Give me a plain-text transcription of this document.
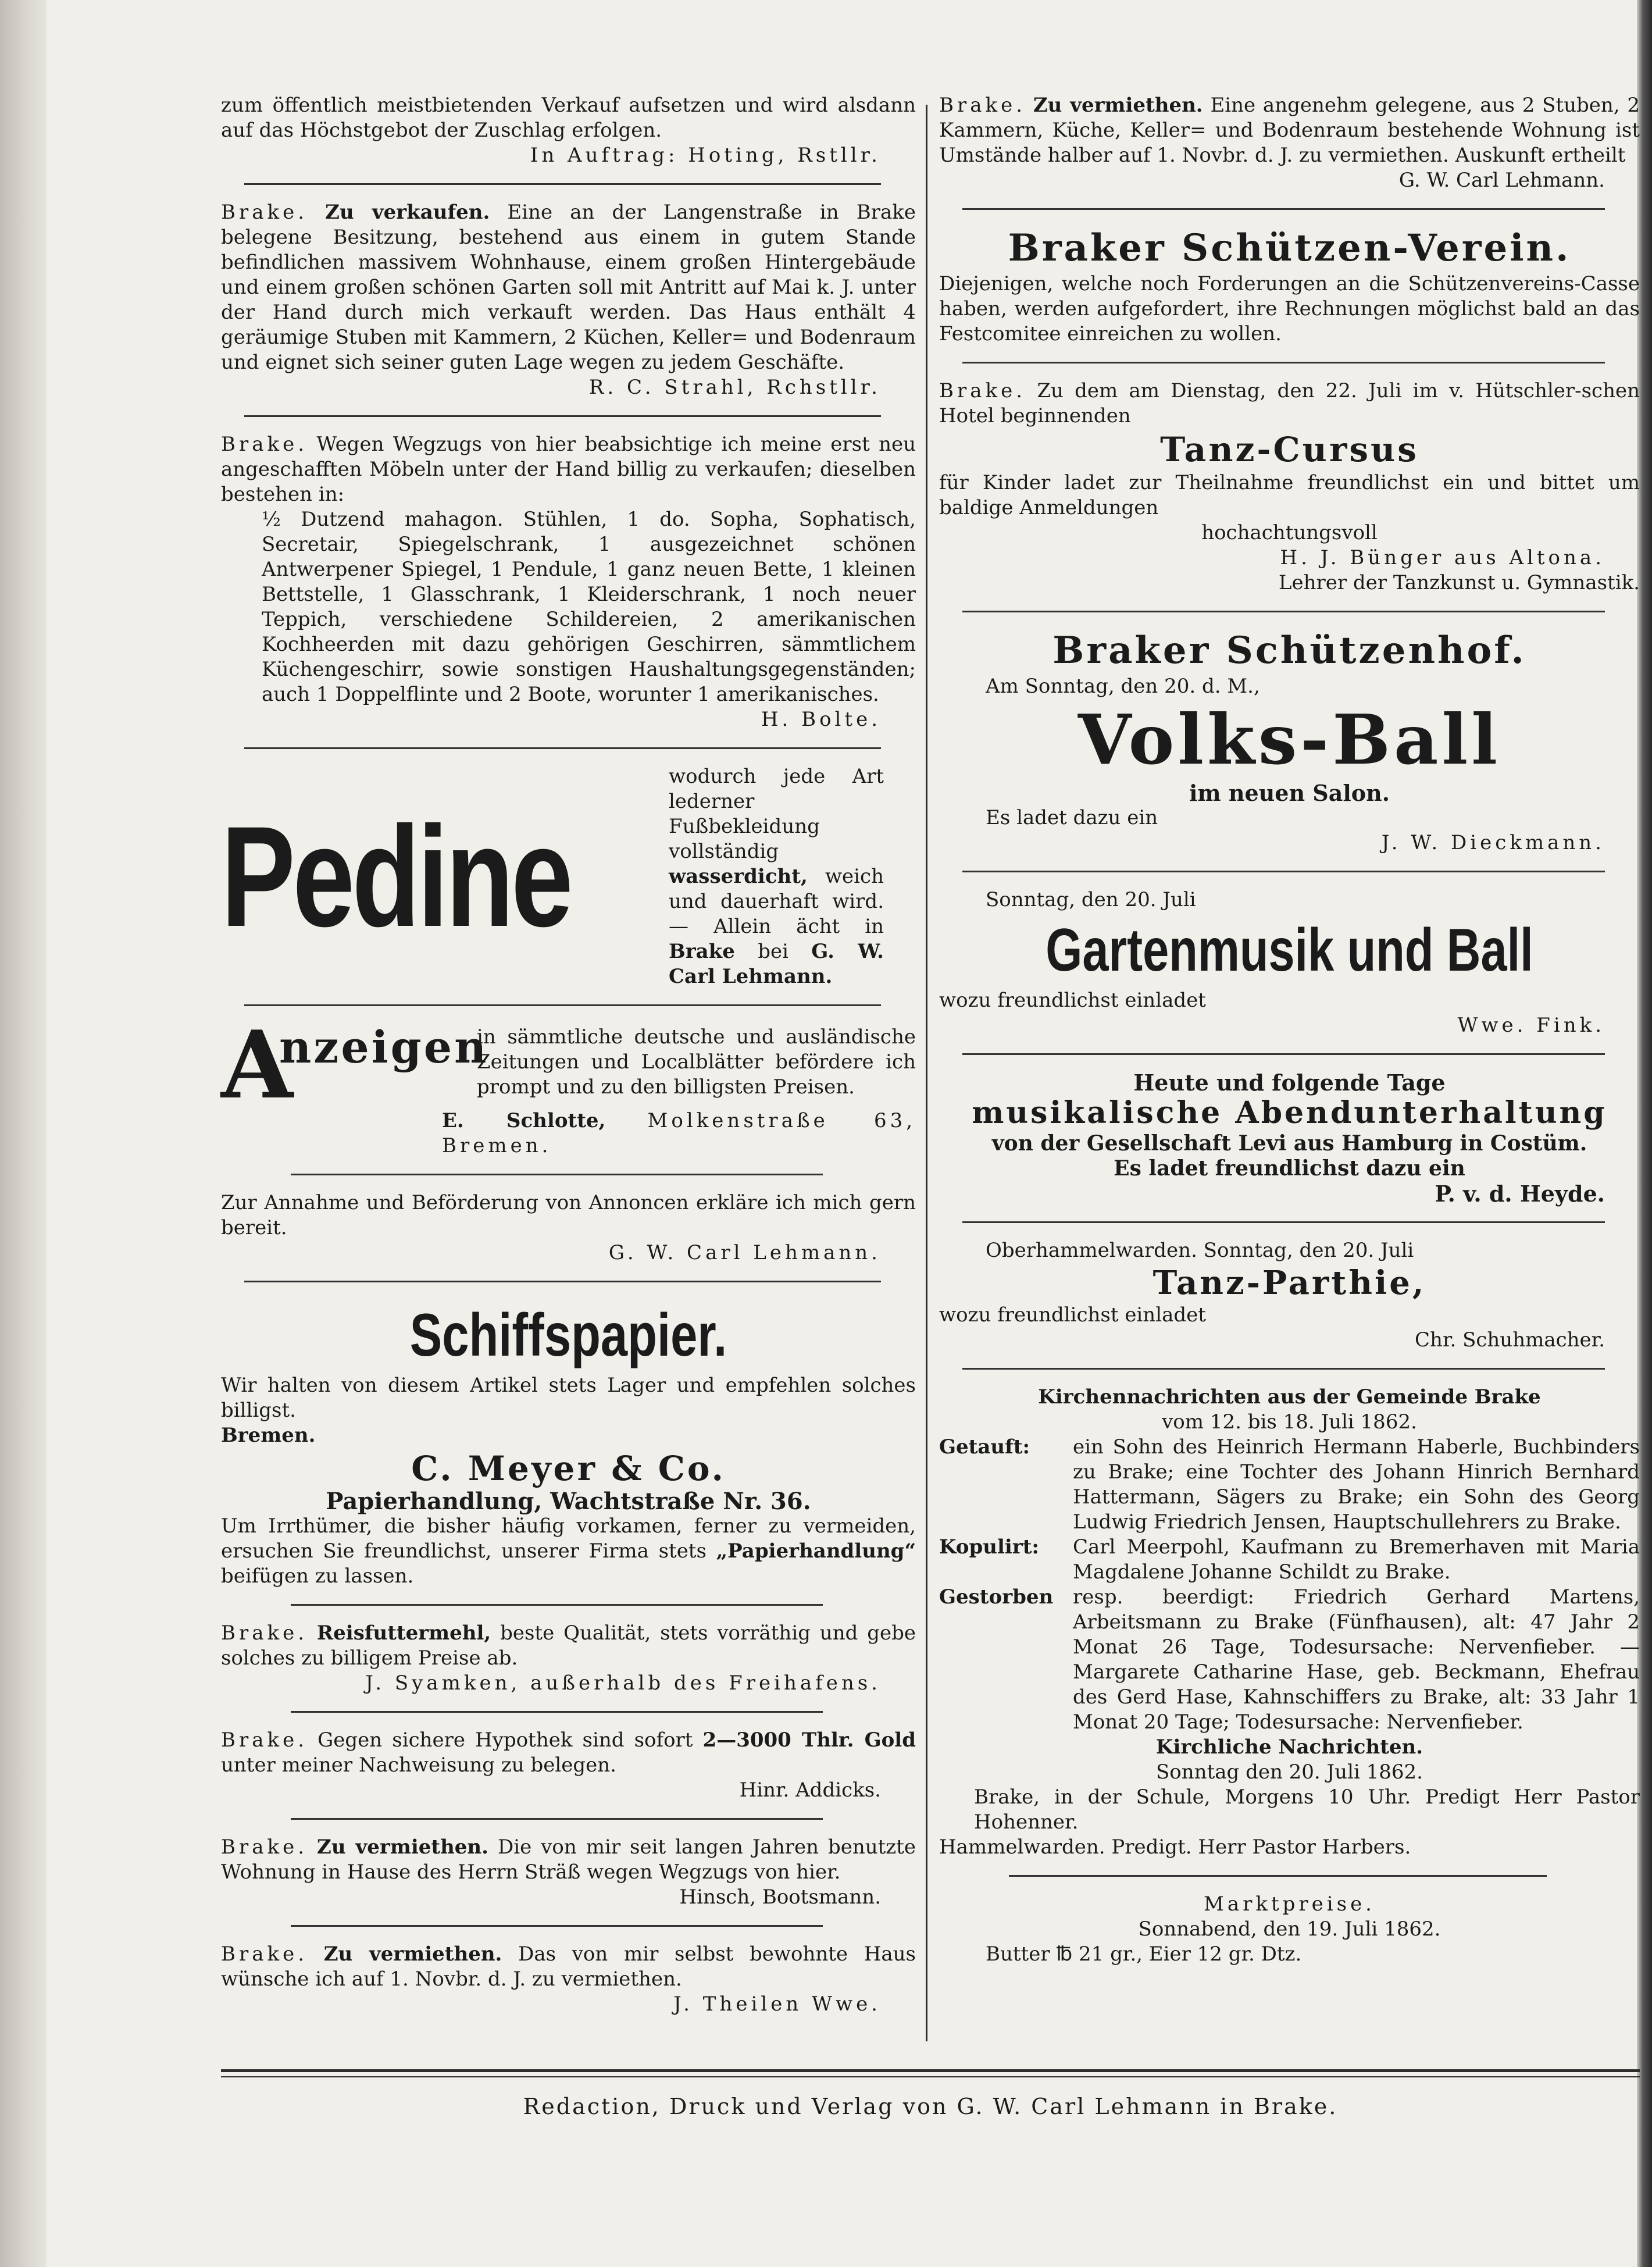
zum öffentlich meistbietenden Verkauf aufsetzen und wird alsdann auf das Höchstgebot der Zuschlag erfolgen.

In Auftrag: Hoting, Rstllr.

Brake. Zu verkaufen. Eine an der Langenstraße in Brake belegene Besitzung, bestehend aus einem in gutem Stande befindlichen massivem Wohnhause, einem großen Hintergebäude und einem großen schönen Garten soll mit Antritt auf Mai k. J. unter der Hand durch mich verkauft werden. Das Haus enthält 4 geräumige Stuben mit Kammern, 2 Küchen, Keller= und Bodenraum und eignet sich seiner guten Lage wegen zu jedem Geschäfte.

R. C. Strahl, Rchstllr.

Brake. Wegen Wegzugs von hier beabsichtige ich meine erst neu angeschafften Möbeln unter der Hand billig zu verkaufen; dieselben bestehen in:

½ Dutzend mahagon. Stühlen, 1 do. Sopha, Sophatisch, Secretair, Spiegelschrank, 1 ausgezeichnet schönen Antwerpener Spiegel, 1 Pendule, 1 ganz neuen Bette, 1 kleinen Bettstelle, 1 Glasschrank, 1 Kleiderschrank, 1 noch neuer Teppich, verschiedene Schildereien, 2 amerikanischen Kochheerden mit dazu gehörigen Geschirren, sämmtlichem Küchengeschirr, sowie sonstigen Haushaltungsgegenständen; auch 1 Doppelflinte und 2 Boote, worunter 1 amerikanisches.

H. Bolte.

Pedine
wodurch jede Art lederner Fußbekleidung vollständig wasserdicht, weich und dauerhaft wird. — Allein ächt in Brake bei G. W. Carl Lehmann.
A
nzeigen
in sämmtliche deutsche und ausländische Zeitungen und Localblätter befördere ich prompt und zu den billigsten Preisen.
E. Schlotte, Molkenstraße 63, Bremen.

Zur Annahme und Beförderung von Annoncen erkläre ich mich gern bereit.

G. W. Carl Lehmann.

Schiffspapier.

Wir halten von diesem Artikel stets Lager und empfehlen solches billigst.

Bremen.

C. Meyer & Co.

Papierhandlung, Wachtstraße Nr. 36.

Um Irrthümer, die bisher häufig vorkamen, ferner zu vermeiden, ersuchen Sie freundlichst, unserer Firma stets „Papierhandlung“ beifügen zu lassen.

Brake. Reisfuttermehl, beste Qualität, stets vorräthig und gebe solches zu billigem Preise ab.

J. Syamken, außerhalb des Freihafens.

Brake. Gegen sichere Hypothek sind sofort 2—3000 Thlr. Gold unter meiner Nachweisung zu belegen.

Hinr. Addicks.

Brake. Zu vermiethen. Die von mir seit langen Jahren benutzte Wohnung in Hause des Herrn Sträß wegen Wegzugs von hier.

Hinsch, Bootsmann.

Brake. Zu vermiethen. Das von mir selbst bewohnte Haus wünsche ich auf 1. Novbr. d. J. zu vermiethen.

J. Theilen Wwe.

Brake. Zu vermiethen. Eine angenehm gelegene, aus 2 Stuben, 2 Kammern, Küche, Keller= und Bodenraum bestehende Wohnung ist Umstände halber auf 1. Novbr. d. J. zu vermiethen. Auskunft ertheilt

G. W. Carl Lehmann.

Braker Schützen-Verein.

Diejenigen, welche noch Forderungen an die Schützenvereins-Casse haben, werden aufgefordert, ihre Rechnungen möglichst bald an das Festcomitee einreichen zu wollen.

Brake. Zu dem am Dienstag, den 22. Juli im v. Hütschler-schen Hotel beginnenden

Tanz-Cursus

für Kinder ladet zur Theilnahme freundlichst ein und bittet um baldige Anmeldungen

hochachtungsvoll

H. J. Bünger aus Altona.

Lehrer der Tanzkunst u. Gymnastik.

Braker Schützenhof.

Am Sonntag, den 20. d. M.,

Volks-Ball

im neuen Salon.

Es ladet dazu ein

J. W. Dieckmann.

Sonntag, den 20. Juli

Gartenmusik und Ball

wozu freundlichst einladet

Wwe. Fink.

Heute und folgende Tage

musikalische Abendunterhaltung

von der Gesellschaft Levi aus Hamburg in Costüm.

Es ladet freundlichst dazu ein

P. v. d. Heyde.

Oberhammelwarden. Sonntag, den 20. Juli

Tanz-Parthie,

wozu freundlichst einladet

Chr. Schuhmacher.

Kirchennachrichten aus der Gemeinde Brake

vom 12. bis 18. Juli 1862.

Getauft:	ein Sohn des Heinrich Hermann Haberle, Buchbinders zu Brake; eine Tochter des Johann Hinrich Bernhard Hattermann, Sägers zu Brake; ein Sohn des Georg Ludwig Friedrich Jensen, Hauptschullehrers zu Brake.
Kopulirt:	Carl Meerpohl, Kaufmann zu Bremerhaven mit Maria Magdalene Johanne Schildt zu Brake.
Gestorben resp. beerdigt: Friedrich Gerhard Martens, Arbeitsmann zu Brake (Fünfhausen), alt: 47 Jahr 2 Monat 26 Tage, Todesursache: Nervenfieber. — Margarete Catharine Hase, geb. Beckmann, Ehefrau des Gerd Hase, Kahnschiffers zu Brake, alt: 33 Jahr 1 Monat 20 Tage; Todesursache: Nervenfieber.

Kirchliche Nachrichten.

Sonntag den 20. Juli 1862.

Brake, in der Schule, Morgens 10 Uhr. Predigt Herr Pastor Hohenner.

Hammelwarden. Predigt. Herr Pastor Harbers.

Marktpreise.

Sonnabend, den 19. Juli 1862.

Butter ℔ 21 gr., Eier 12 gr. Dtz.

Redaction, Druck und Verlag von G. W. Carl Lehmann in Brake.
